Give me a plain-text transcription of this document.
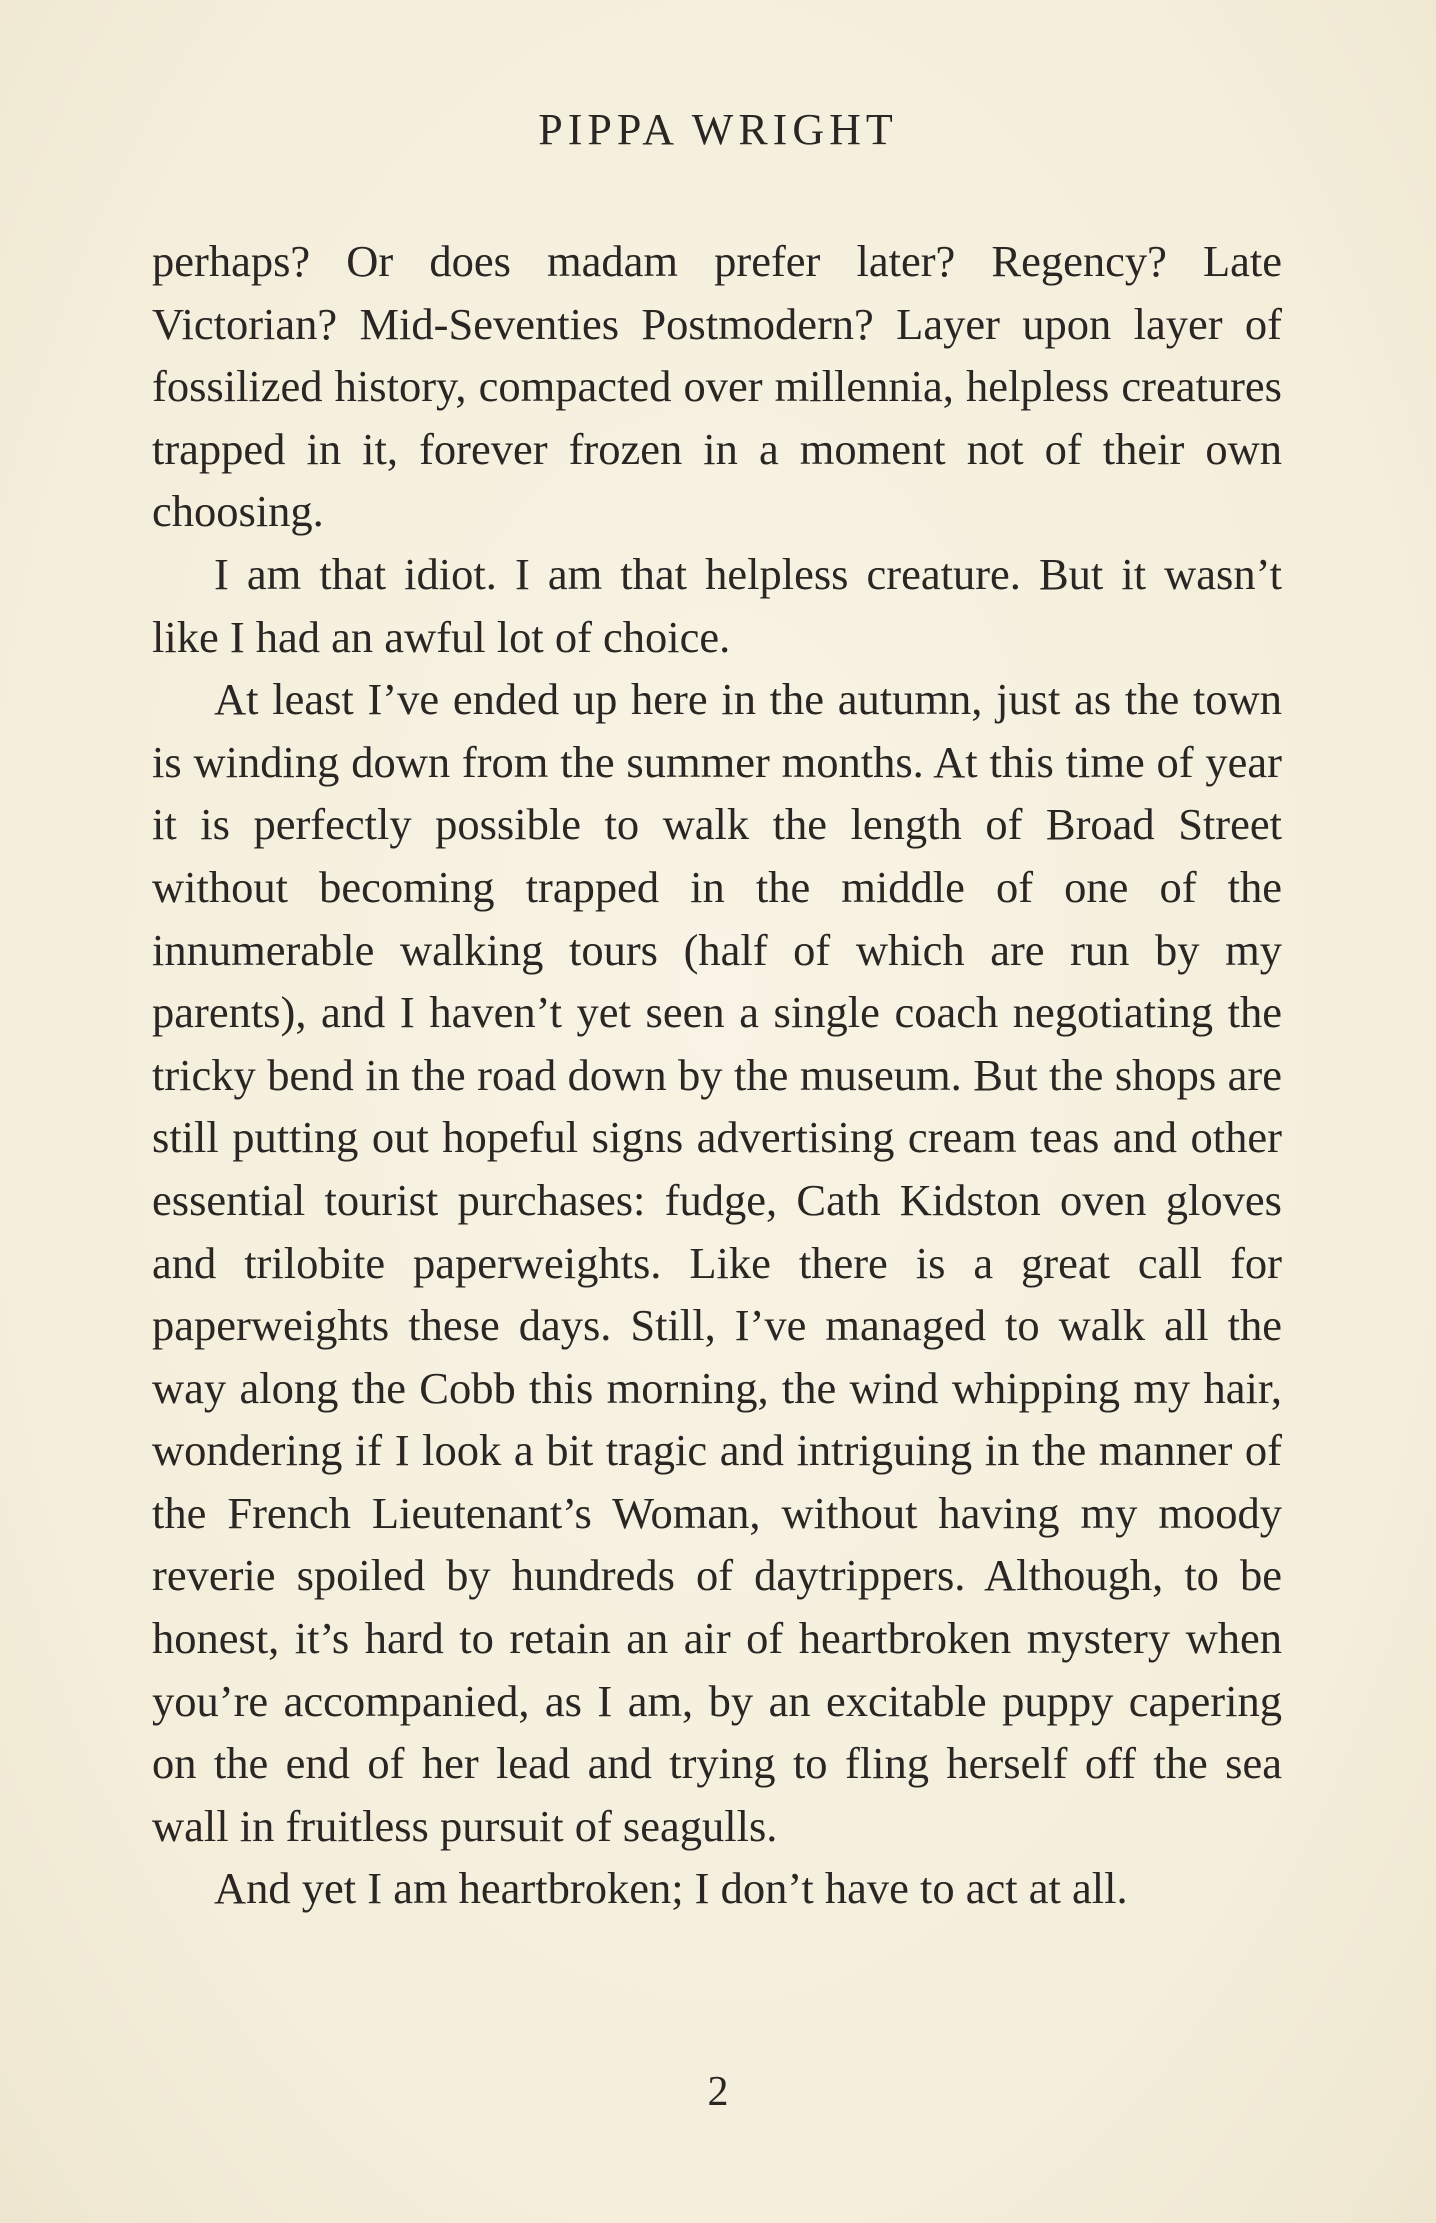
PIPPA WRIGHT

perhaps? Or does madam prefer later? Regency? Late Victorian? Mid-Seventies Postmodern? Layer upon layer of fossilized history, compacted over millennia, helpless creatures trapped in it, forever frozen in a moment not of their own choosing.

I am that idiot. I am that helpless creature. But it wasn’t like I had an awful lot of choice.

At least I’ve ended up here in the autumn, just as the town is winding down from the summer months. At this time of year it is perfectly possible to walk the length of Broad Street without becoming trapped in the middle of one of the innumerable walking tours (half of which are run by my parents), and I haven’t yet seen a single coach negotiating the tricky bend in the road down by the museum. But the shops are still putting out hopeful signs advertising cream teas and other essential tourist purchases: fudge, Cath Kidston oven gloves and trilobite paperweights. Like there is a great call for paperweights these days. Still, I’ve managed to walk all the way along the Cobb this morning, the wind whipping my hair, wondering if I look a bit tragic and intriguing in the manner of the French Lieutenant’s Woman, without having my moody reverie spoiled by hundreds of daytrippers. Although, to be honest, it’s hard to retain an air of heartbroken mystery when you’re accompanied, as I am, by an excitable puppy capering on the end of her lead and trying to fling herself off the sea wall in fruitless pursuit of seagulls.

And yet I am heartbroken; I don’t have to act at all.

2
